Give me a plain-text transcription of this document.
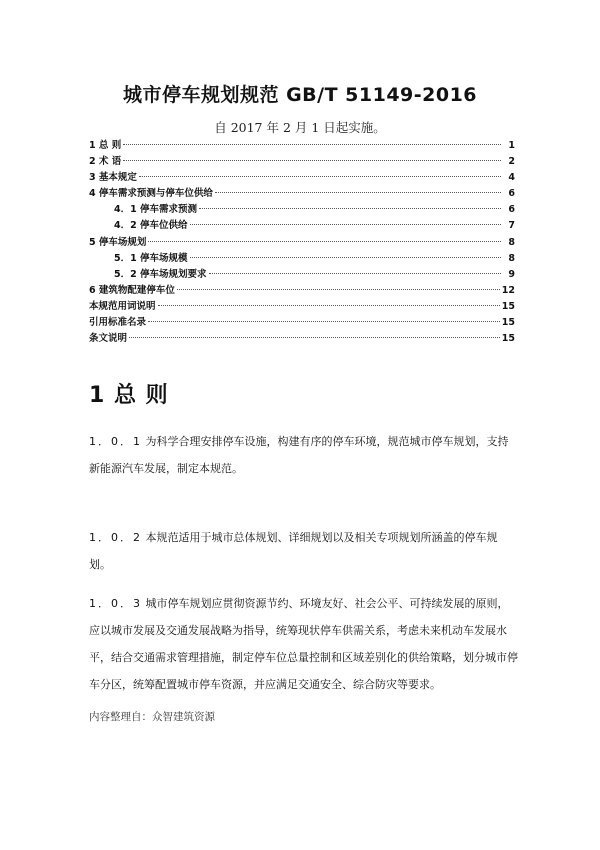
城市停车规划规范 GB/T 51149-2016
自 2017 年 2 月 1 日起实施。
1 总 则	1
2 术 语	2
3 基本规定	4
4 停车需求预测与停车位供给	6
4．1 停车需求预测	6
4．2 停车位供给	7
5 停车场规划	8
5．1 停车场规模	8
5．2 停车场规划要求	9
6 建筑物配建停车位	12
本规范用词说明	15
引用标准名录	15
条文说明	15
1 总 则
1．0．1 为科学合理安排停车设施，构建有序的停车环境，规范城市停车规划，支持新能源汽车发展，制定本规范。
1．0．2 本规范适用于城市总体规划、详细规划以及相关专项规划所涵盖的停车规划。
1．0．3 城市停车规划应贯彻资源节约、环境友好、社会公平、可持续发展的原则，应以城市发展及交通发展战略为指导，统筹现状停车供需关系，考虑未来机动车发展水平，结合交通需求管理措施，制定停车位总量控制和区域差别化的供给策略，划分城市停车分区，统筹配置城市停车资源，并应满足交通安全、综合防灾等要求。
内容整理自：众智建筑资源
